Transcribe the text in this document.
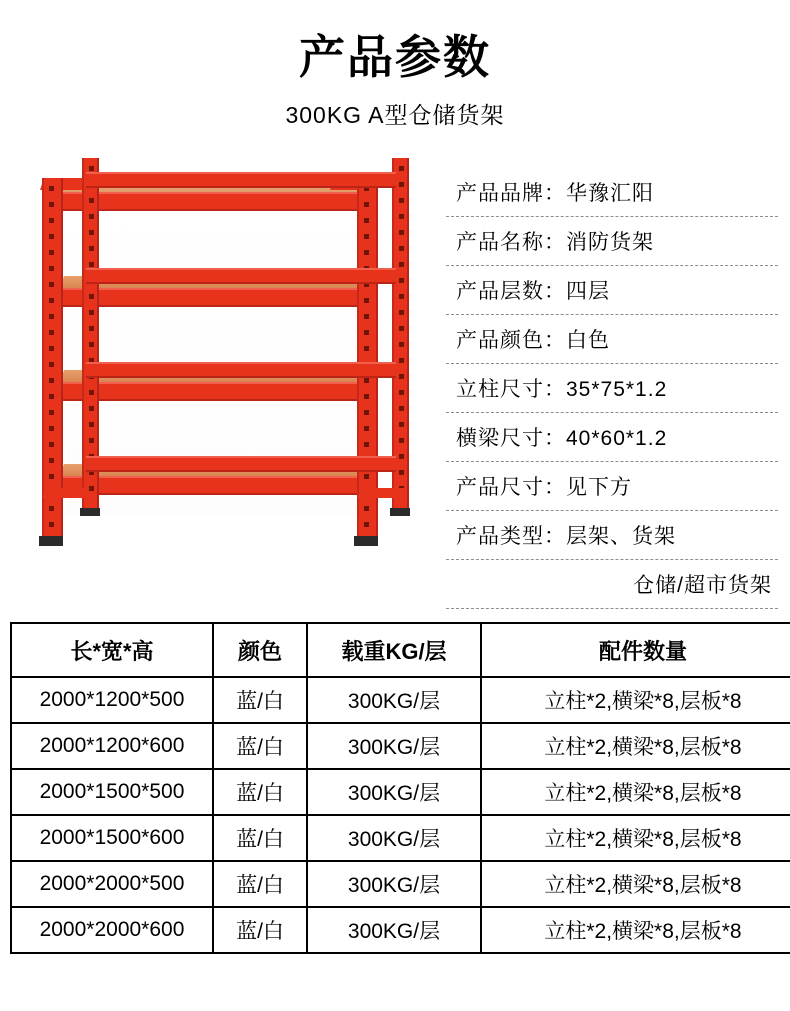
产品参数
300KG A型仓储货架
产品品牌：华豫汇阳
产品名称：消防货架
产品层数：四层
产品颜色：白色
立柱尺寸：35*75*1.2
横梁尺寸：40*60*1.2
产品尺寸：见下方
产品类型：层架、货架
仓储/超市货架
长*宽*高	颜色	载重KG/层	配件数量
2000*1200*500	蓝/白	300KG/层	立柱*2,横梁*8,层板*8
2000*1200*600	蓝/白	300KG/层	立柱*2,横梁*8,层板*8
2000*1500*500	蓝/白	300KG/层	立柱*2,横梁*8,层板*8
2000*1500*600	蓝/白	300KG/层	立柱*2,横梁*8,层板*8
2000*2000*500	蓝/白	300KG/层	立柱*2,横梁*8,层板*8
2000*2000*600	蓝/白	300KG/层	立柱*2,横梁*8,层板*8
